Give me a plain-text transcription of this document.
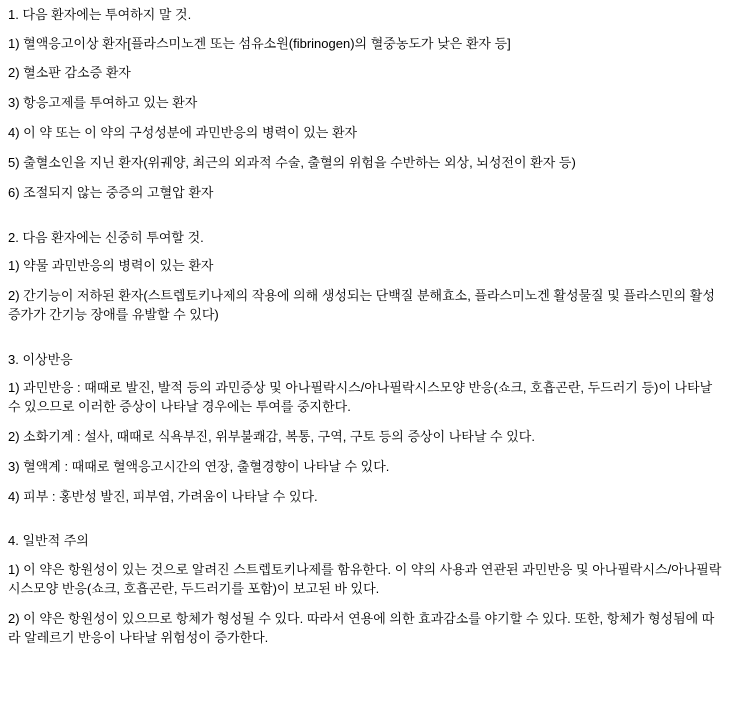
1. 다음 환자에는 투여하지 말 것.

1) 혈액응고이상 환자[플라스미노겐 또는 섬유소원(fibrinogen)의 혈중농도가 낮은 환자 등]

2) 혈소판 감소증 환자

3) 항응고제를 투여하고 있는 환자

4) 이 약 또는 이 약의 구성성분에 과민반응의 병력이 있는 환자

5) 출혈소인을 지닌 환자(위궤양, 최근의 외과적 수술, 출혈의 위험을 수반하는 외상, 뇌성전이 환자 등)

6) 조절되지 않는 중증의 고혈압 환자

2. 다음 환자에는 신중히 투여할 것.

1) 약물 과민반응의 병력이 있는 환자

2) 간기능이 저하된 환자(스트렙토키나제의 작용에 의해 생성되는 단백질 분해효소, 플라스미노겐 활성물질 및 플라스민의 활성 증가가 간기능 장애를 유발할 수 있다)

3. 이상반응

1) 과민반응 : 때때로 발진, 발적 등의 과민증상 및 아나필락시스/아나필락시스모양 반응(쇼크, 호흡곤란, 두드러기 등)이 나타날 수 있으므로 이러한 증상이 나타날 경우에는 투여를 중지한다.

2) 소화기계 : 설사, 때때로 식욕부진, 위부불쾌감, 복통, 구역, 구토 등의 증상이 나타날 수 있다.

3) 혈액계 : 때때로 혈액응고시간의 연장, 출혈경향이 나타날 수 있다.

4) 피부 : 홍반성 발진, 피부염, 가려움이 나타날 수 있다.

4. 일반적 주의

1) 이 약은 항원성이 있는 것으로 알려진 스트렙토키나제를 함유한다. 이 약의 사용과 연관된 과민반응 및 아나필락시스/아나필락시스모양 반응(쇼크, 호흡곤란, 두드러기를 포함)이 보고된 바 있다.

2) 이 약은 항원성이 있으므로 항체가 형성될 수 있다. 따라서 연용에 의한 효과감소를 야기할 수 있다. 또한, 항체가 형성됨에 따라 알레르기 반응이 나타날 위험성이 증가한다.
